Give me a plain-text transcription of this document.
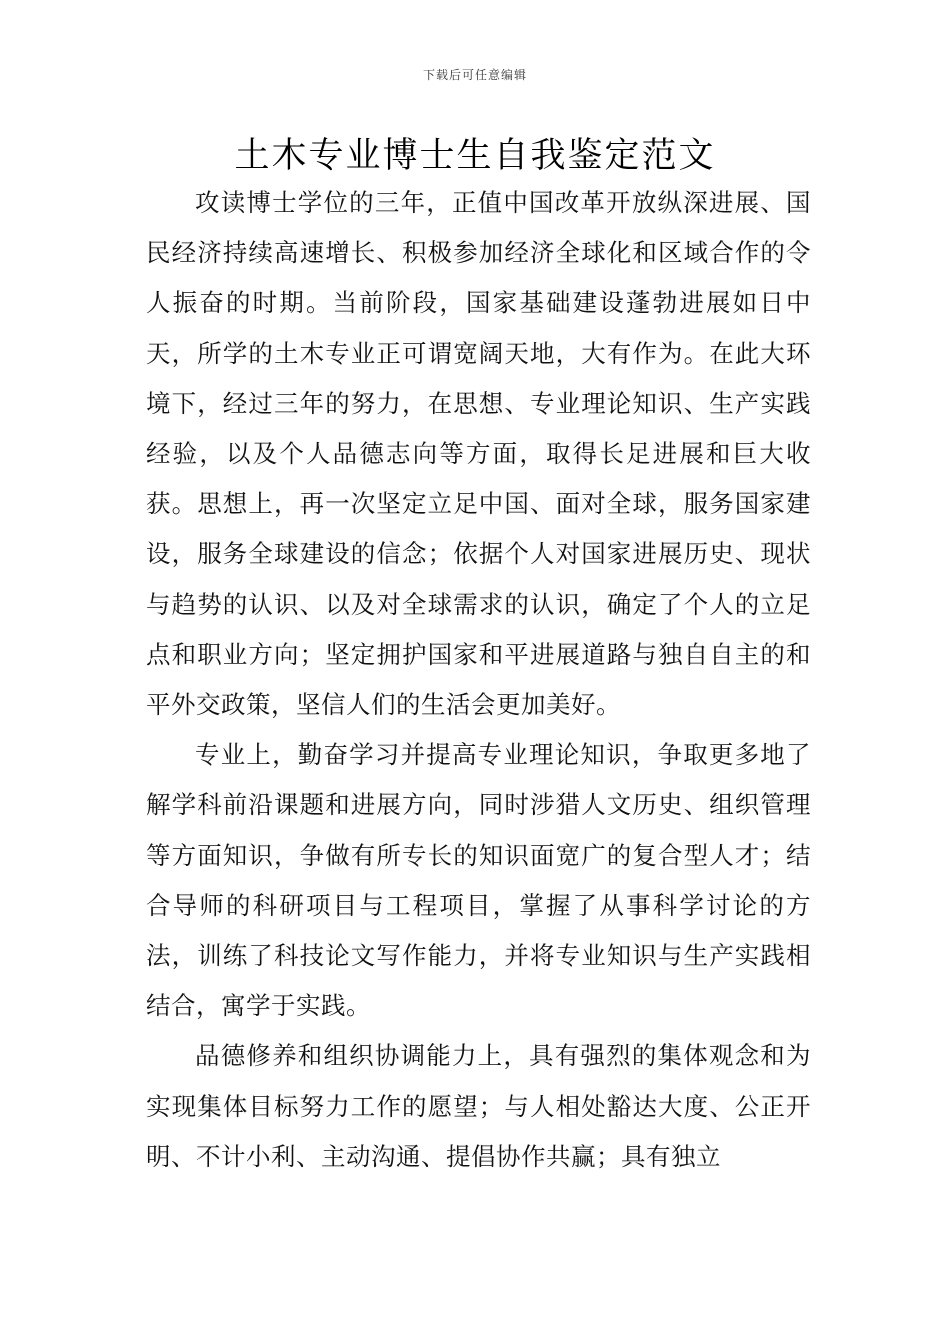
下载后可任意编辑
土木专业博士生自我鉴定范文

攻读博士学位的三年，正值中国改革开放纵深进展、国民经济持续高速增长、积极参加经济全球化和区域合作的令人振奋的时期。当前阶段，国家基础建设蓬勃进展如日中天，所学的土木专业正可谓宽阔天地，大有作为。在此大环境下，经过三年的努力，在思想、专业理论知识、生产实践经验，以及个人品德志向等方面，取得长足进展和巨大收获。思想上，再一次坚定立足中国、面对全球，服务国家建设，服务全球建设的信念；依据个人对国家进展历史、现状与趋势的认识、以及对全球需求的认识，确定了个人的立足点和职业方向；坚定拥护国家和平进展道路与独自自主的和平外交政策，坚信人们的生活会更加美好。

专业上，勤奋学习并提高专业理论知识，争取更多地了解学科前沿课题和进展方向，同时涉猎人文历史、组织管理等方面知识，争做有所专长的知识面宽广的复合型人才；结合导师的科研项目与工程项目，掌握了从事科学讨论的方法，训练了科技论文写作能力，并将专业知识与生产实践相结合，寓学于实践。

品德修养和组织协调能力上，具有强烈的集体观念和为实现集体目标努力工作的愿望；与人相处豁达大度、公正开明、不计小利、主动沟通、提倡协作共赢；具有独立
